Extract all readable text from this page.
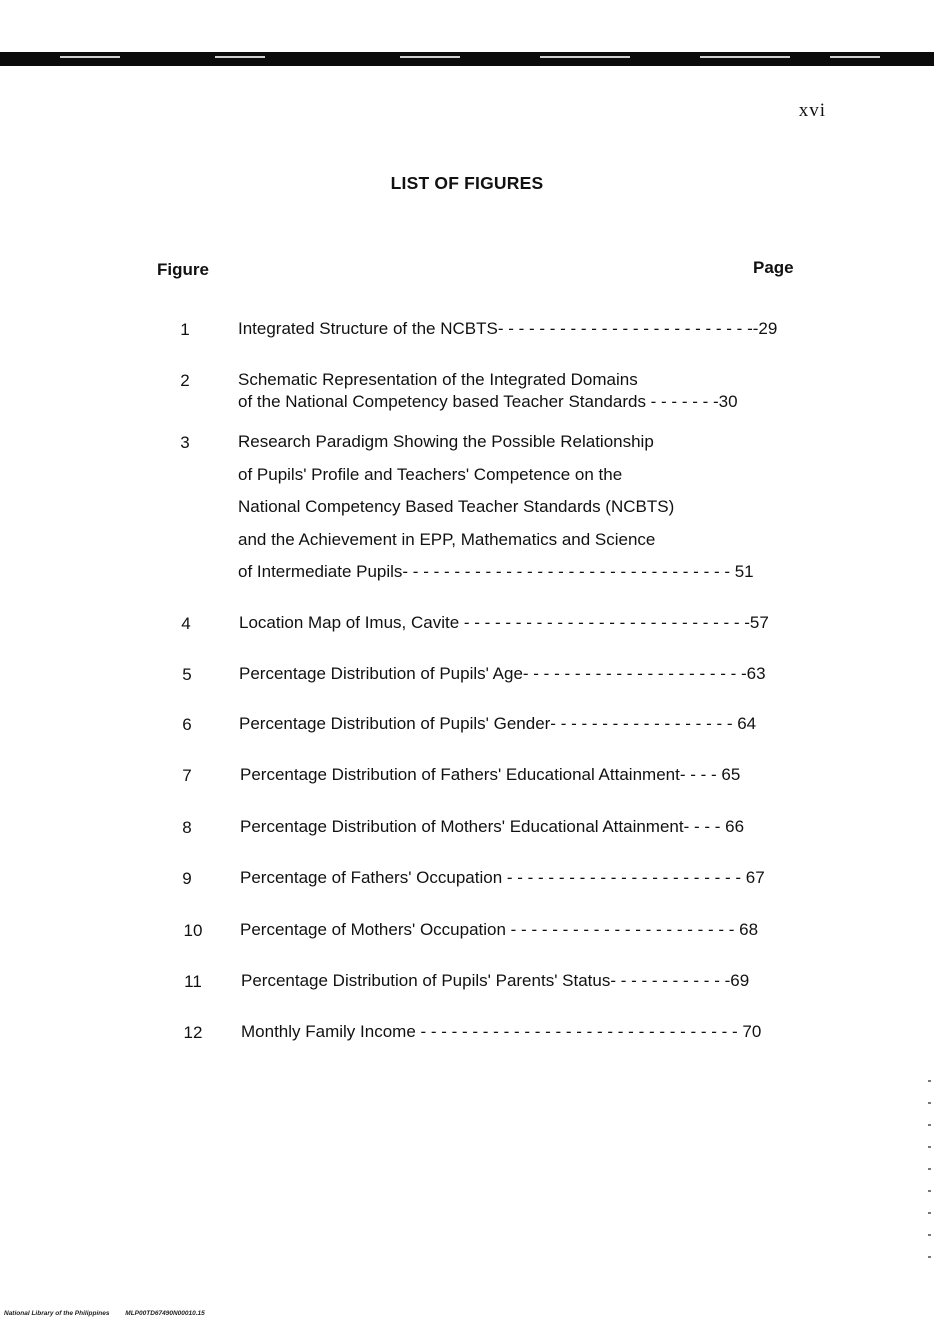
xvi
LIST OF FIGURES
Figure	Page
1	Integrated Structure of the NCBTS- - - - - - - - - - - - - - - - - - - - - - - - --29
2	Schematic Representation of the Integrated Domains
of the National Competency based Teacher Standards - - - - - - -30
3	Research Paradigm Showing the Possible Relationship
of Pupils' Profile and Teachers' Competence on the
National Competency Based Teacher Standards (NCBTS)
and the Achievement in EPP, Mathematics and Science
of Intermediate Pupils- - - - - - - - - - - - - - - - - - - - - - - - - - - - - - - - 51
4	Location Map of Imus, Cavite - - - - - - - - - - - - - - - - - - - - - - - - - - - -57
5	Percentage Distribution of Pupils' Age- - - - - - - - - - - - - - - - - - - - - -63
6	Percentage Distribution of Pupils' Gender- - - - - - - - - - - - - - - - - - 64
7	Percentage Distribution of Fathers' Educational Attainment- - - - 65
8	Percentage Distribution of Mothers' Educational Attainment- - - - 66
9	Percentage of Fathers' Occupation - - - - - - - - - - - - - - - - - - - - - - - 67
10	Percentage of Mothers' Occupation - - - - - - - - - - - - - - - - - - - - - - 68
11	Percentage Distribution of Pupils' Parents' Status- - - - - - - - - - - -69
12	Monthly Family Income - - - - - - - - - - - - - - - - - - - - - - - - - - - - - - - 70
National Library of the Philippines MLP00TD67490N00010.15
